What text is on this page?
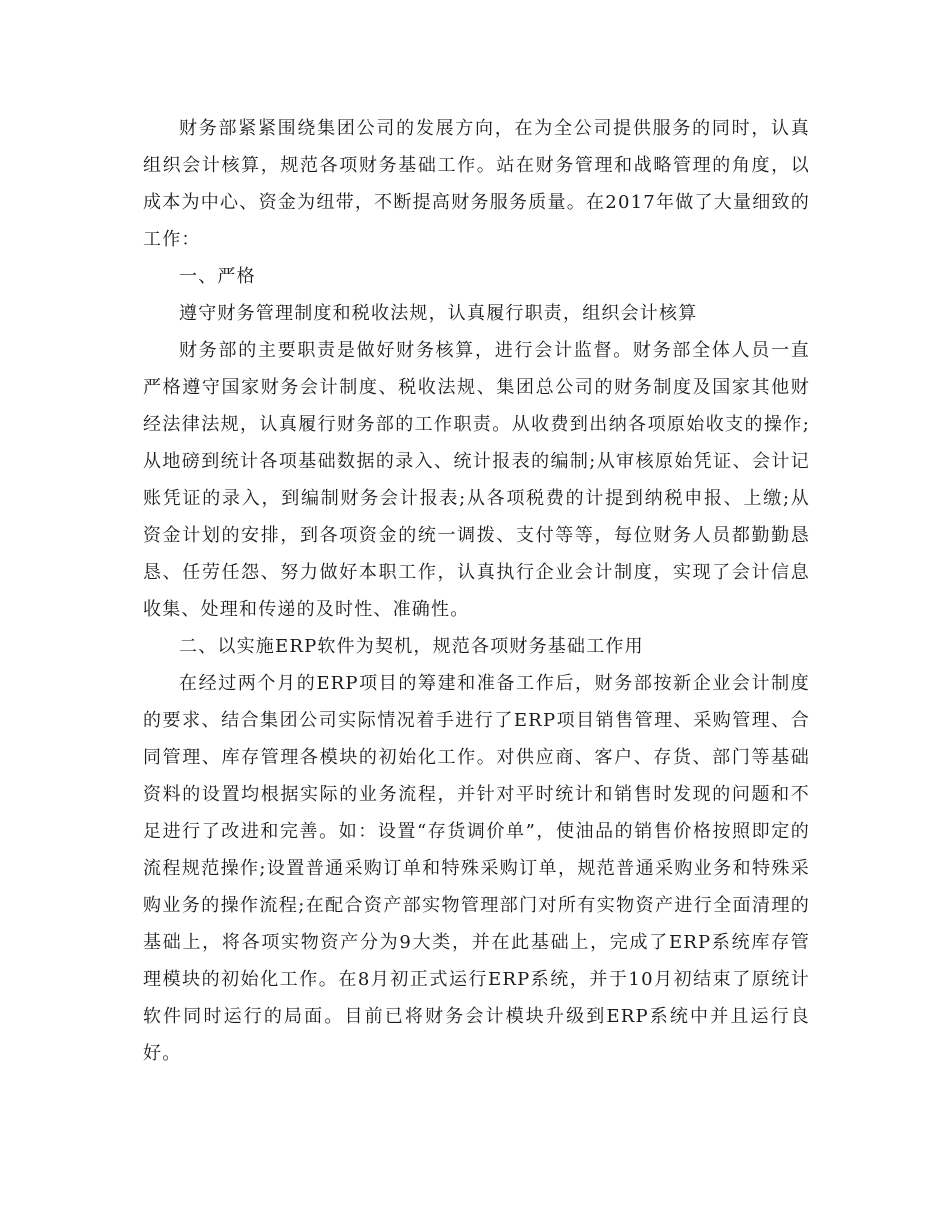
财务部紧紧围绕集团公司的发展方向，在为全公司提供服务的同时，认真组织会计核算，规范各项财务基础工作。站在财务管理和战略管理的角度，以成本为中心、资金为纽带，不断提高财务服务质量。在2017年做了大量细致的工作：

一、严格

遵守财务管理制度和税收法规，认真履行职责，组织会计核算

财务部的主要职责是做好财务核算，进行会计监督。财务部全体人员一直严格遵守国家财务会计制度、税收法规、集团总公司的财务制度及国家其他财经法律法规，认真履行财务部的工作职责。从收费到出纳各项原始收支的操作;从地磅到统计各项基础数据的录入、统计报表的编制;从审核原始凭证、会计记账凭证的录入，到编制财务会计报表;从各项税费的计提到纳税申报、上缴;从资金计划的安排，到各项资金的统一调拨、支付等等，每位财务人员都勤勤恳恳、任劳任怨、努力做好本职工作，认真执行企业会计制度，实现了会计信息收集、处理和传递的及时性、准确性。

二、以实施ERP软件为契机，规范各项财务基础工作用

在经过两个月的ERP项目的筹建和准备工作后，财务部按新企业会计制度的要求、结合集团公司实际情况着手进行了ERP项目销售管理、采购管理、合同管理、库存管理各模块的初始化工作。对供应商、客户、存货、部门等基础资料的设置均根据实际的业务流程，并针对平时统计和销售时发现的问题和不足进行了改进和完善。如：设置“存货调价单”，使油品的销售价格按照即定的流程规范操作;设置普通采购订单和特殊采购订单，规范普通采购业务和特殊采购业务的操作流程;在配合资产部实物管理部门对所有实物资产进行全面清理的基础上，将各项实物资产分为9大类，并在此基础上，完成了ERP系统库存管理模块的初始化工作。在8月初正式运行ERP系统，并于10月初结束了原统计软件同时运行的局面。目前已将财务会计模块升级到ERP系统中并且运行良好。
